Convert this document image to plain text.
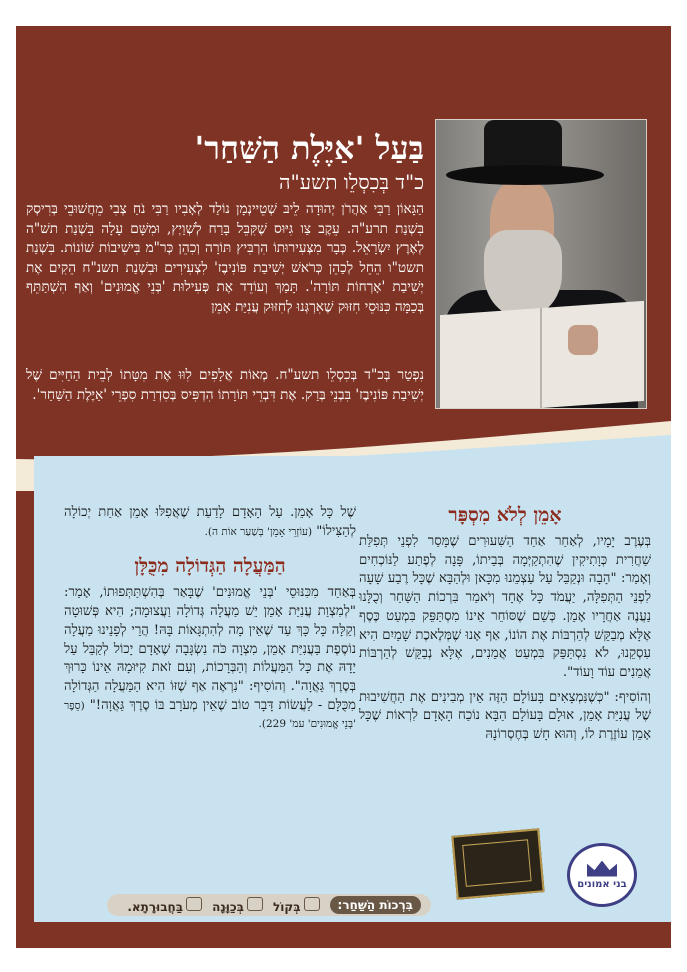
בַּעַל 'אַיֶּלֶת הַשַּׁחַר'
כ"ד בְּכִסְלֵו תשע"ה

הַגָּאוֹן רַבִּי אַהֲרֹן יְהוּדָה לֵיבּ שְׁטֵיינְמָן נוֹלַד לְאָבִיו רַבִּי נֹחַ צְבִי מֵחֲשׁוּבֵי בְּרִיסְק בִּשְׁנַת תרע"ה. עֵקֶב צַו גִּיּוּס שֶׁקִּבֵּל בָּרַח לְשְׁוַיְץ, וּמִשָּׁם עָלָה בִּשְׁנַת תשׁ"ה לְאֶרֶץ יִשְׂרָאֵל. כְּבָר מִצְּעִירוּתוֹ הִרְבִּיץ תּוֹרָה וְכִהֵן כְּר"מ בִּישִׁיבוֹת שׁוֹנוֹת. בִּשְׁנַת תשט"ו הֵחֵל לְכַהֵן כְּרֹאשׁ יְשִׁיבַת פּוֹנִיבֶז' לִצְעִירִים וּבִשְׁנַת תשנ"ח הֵקִים אֶת יְשִׁיבַת 'אָרְחוֹת תּוֹרָה'. תָּמַךְ וְעוֹדֵד אֶת פְּעִילוּת 'בְּנֵי אֱמוּנִים' וְאַף הִשְׁתַּתֵּף בְּכַמָּה כִּנּוּסֵי חִזּוּק שֶׁאִרְגְּנוּ לְחִזּוּק עֲנִיַּת אָמֵן

נִפְטַר בְּכ"ד בְּכִסְלֵו תשע"ח. מְאוֹת אֲלָפִים לִוּוּ אֶת מִטָּתוֹ לְבֵית הַחַיִּים שֶׁל יְשִׁיבַת פּוֹנִיבֶז' בִּבְנֵי בְּרַק. אֶת דִּבְרֵי תּוֹרָתוֹ הִדְפִּיס בְּסִדְרַת סִפְרֵי 'אַיֶּלֶת הַשַּׁחַר'.

אָמֵן לְלֹא מִסְפָּר

בְּעֶרֶב יָמָיו, לְאַחַר אַחַד הַשִּׁעוּרִים שֶׁמָּסַר לִפְנֵי תְּפִלַּת שַׁחֲרִית כְּוָתִיקִין שֶׁהִתְקַיְּמָה בְּבֵיתוֹ, פָּנָה לְפֶתַע לַנּוֹכְחִים וְאָמַר: "הָבָה וּנְקַבֵּל עַל עַצְמֵנוּ מִכָּאן וּלְהַבָּא שֶׁכָּל רֶבַע שָׁעָה לִפְנֵי הַתְּפִלָּה, יַעֲמֹד כָּל אֶחָד וְיֹאמַר בִּרְכוֹת הַשַּׁחַר וְכֻלָּנוּ נַעֲנֶה אַחֲרָיו אָמֵן. כְּשֵׁם שֶׁסּוֹחֵר אֵינוֹ מִסְתַּפֵּק בִּמְעַט כֶּסֶף אֶלָּא מְבַקֵּשׁ לְהַרְבּוֹת אֶת הוֹנוֹ, אַף אָנוּ שֶׁמְּלֶאכֶת שָׁמַיִם הִיא עִסְקֵנוּ, לֹא נִסְתַּפֵּק בִּמְעַט אֲמֵנִים, אֶלָּא נְבַקֵּשׁ לְהַרְבּוֹת אֲמֵנִים עוֹד וָעוֹד".

וְהוֹסִיף: "כְּשֶׁנִּמְצָאִים בָּעוֹלָם הַזֶּה אֵין מְבִינִים אֶת הַחֲשִׁיבוּת שֶׁל עֲנִיַּת אָמֵן, אוּלָם בָּעוֹלָם הַבָּא נוֹכַח הָאָדָם לִרְאוֹת שֶׁכָּל אָמֵן עוֹזֶרֶת לוֹ, וְהוּא חָשׁ בְּחֶסְרוֹנָהּ

שֶׁל כָּל אָמֵן. עַל הָאָדָם לָדַעַת שֶׁאֲפִלּוּ אָמֵן אַחַת יְכוֹלָה לְהַצִּילוֹ" (עוֹזְרֵי אָמֵן' בְּשַׁעַר אוֹת ה).

הַמַּעֲלָה הַגְּדוֹלָה מִכֻּלָּן

בְּאַחַד מִכִּנּוּסֵי 'בְּנֵי אֱמוּנִים' שֶׁבָּאַר בְּהִשְׁתַּתְּפוּתוֹ, אָמַר: "לְמִצְוַת עֲנִיַּת אָמֵן יֵשׁ מַעֲלָה גְּדוֹלָה וַעֲצוּמָה; הִיא פְּשׁוּטָה וְקַלָּה כָּל כָּךְ עַד שֶׁאֵין מָה לְהִתְגָּאוֹת בָּהּ! הֲרֵי לְפָנֵינוּ מַעֲלָה נוֹסֶפֶת בַּעֲנִיַּת אָמֵן, מִצְוָה כֹּה נִשְׂגָּבָה שֶׁאָדָם יָכוֹל לְקַבֵּל עַל יָדָהּ אֶת כָּל הַמַּעֲלוֹת וְהַבְּרָכוֹת, וְעִם זֹאת קִיּוּמָהּ אֵינוֹ כָּרוּךְ בְּסֶרֶךְ גַּאֲוָה". וְהוֹסִיף: "נִרְאֶה אַף שֶׁזּוֹ הִיא הַמַּעֲלָה הַגְּדוֹלָה מִכֻּלָּם - לַעֲשׂוֹת דָּבָר טוֹב שֶׁאֵין מְעֹרָב בּוֹ סֶרֶךְ גַּאֲוָה!" (סֵפֶר 'בְּנֵי אֱמוּנִים' עמ' 229).

בני אמונים
בִּרְכוֹת הַשַּׁחַר:
בְּקוֹל
בְּכַוָּנָה
בַּחֲבוּרָתָא.
